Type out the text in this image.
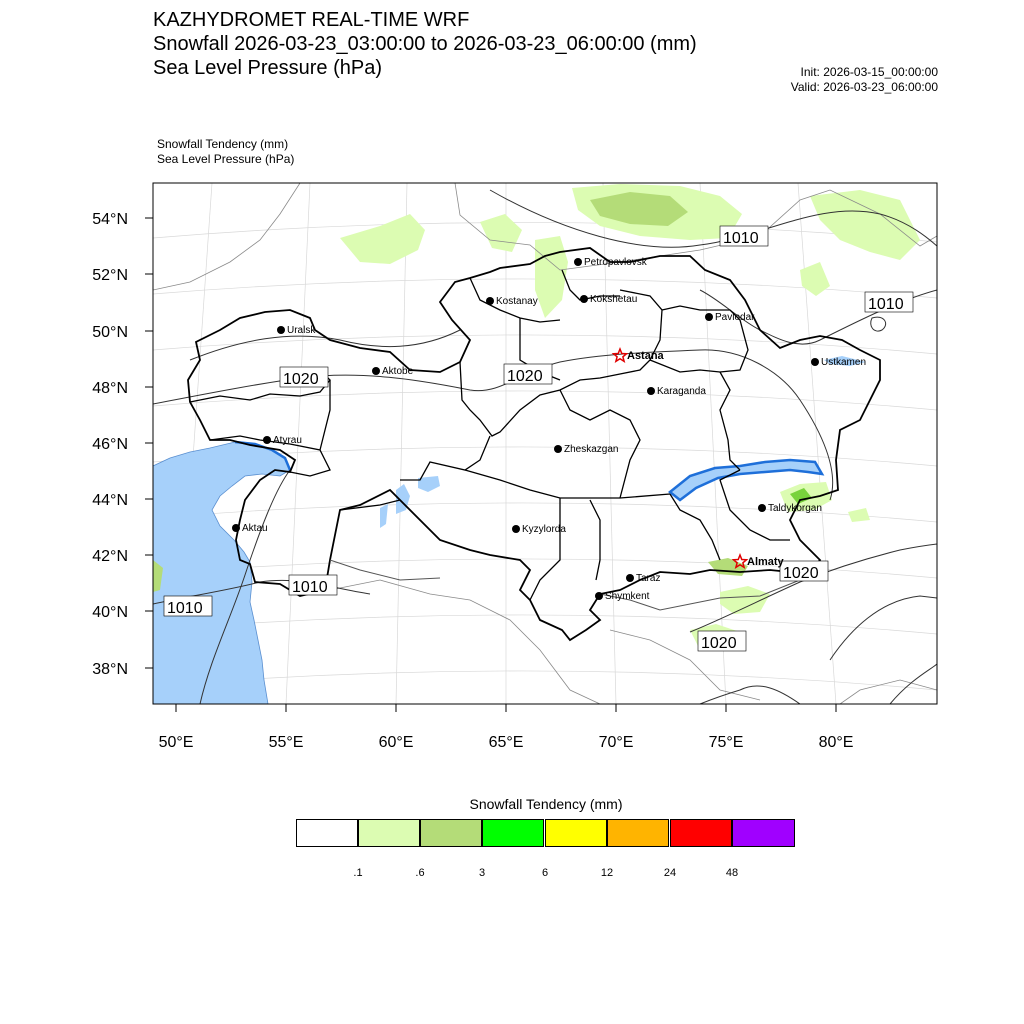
KAZHYDROMET REAL-TIME WRF
Snowfall 2026-03-23_03:00:00 to 2026-03-23_06:00:00 (mm)
Sea Level Pressure (hPa)	Init: 2026-03-15_00:00:00
Valid: 2026-03-23_06:00:00
Snowfall Tendency (mm)
Sea Level Pressure (hPa)
54°N
52°N
50°N
48°N
46°N
44°N
42°N
40°N
38°N
50°E	55°E	60°E	65°E	70°E	75°E	80°E
1010
1010
1020	1020
1020
1010
1010
1020
Petropavlovsk
Kostanay	Kokshetau
Pavlodar
Uralsk
Astana
Aktobe
Ustkamen
Karaganda
Atyrau
Zheskazgan
Taldykorgan
Aktau	Kyzylorda
Almaty
Taraz
Shymkent
Snowfall Tendency (mm)
.1	.6	3	6	12	24	48
